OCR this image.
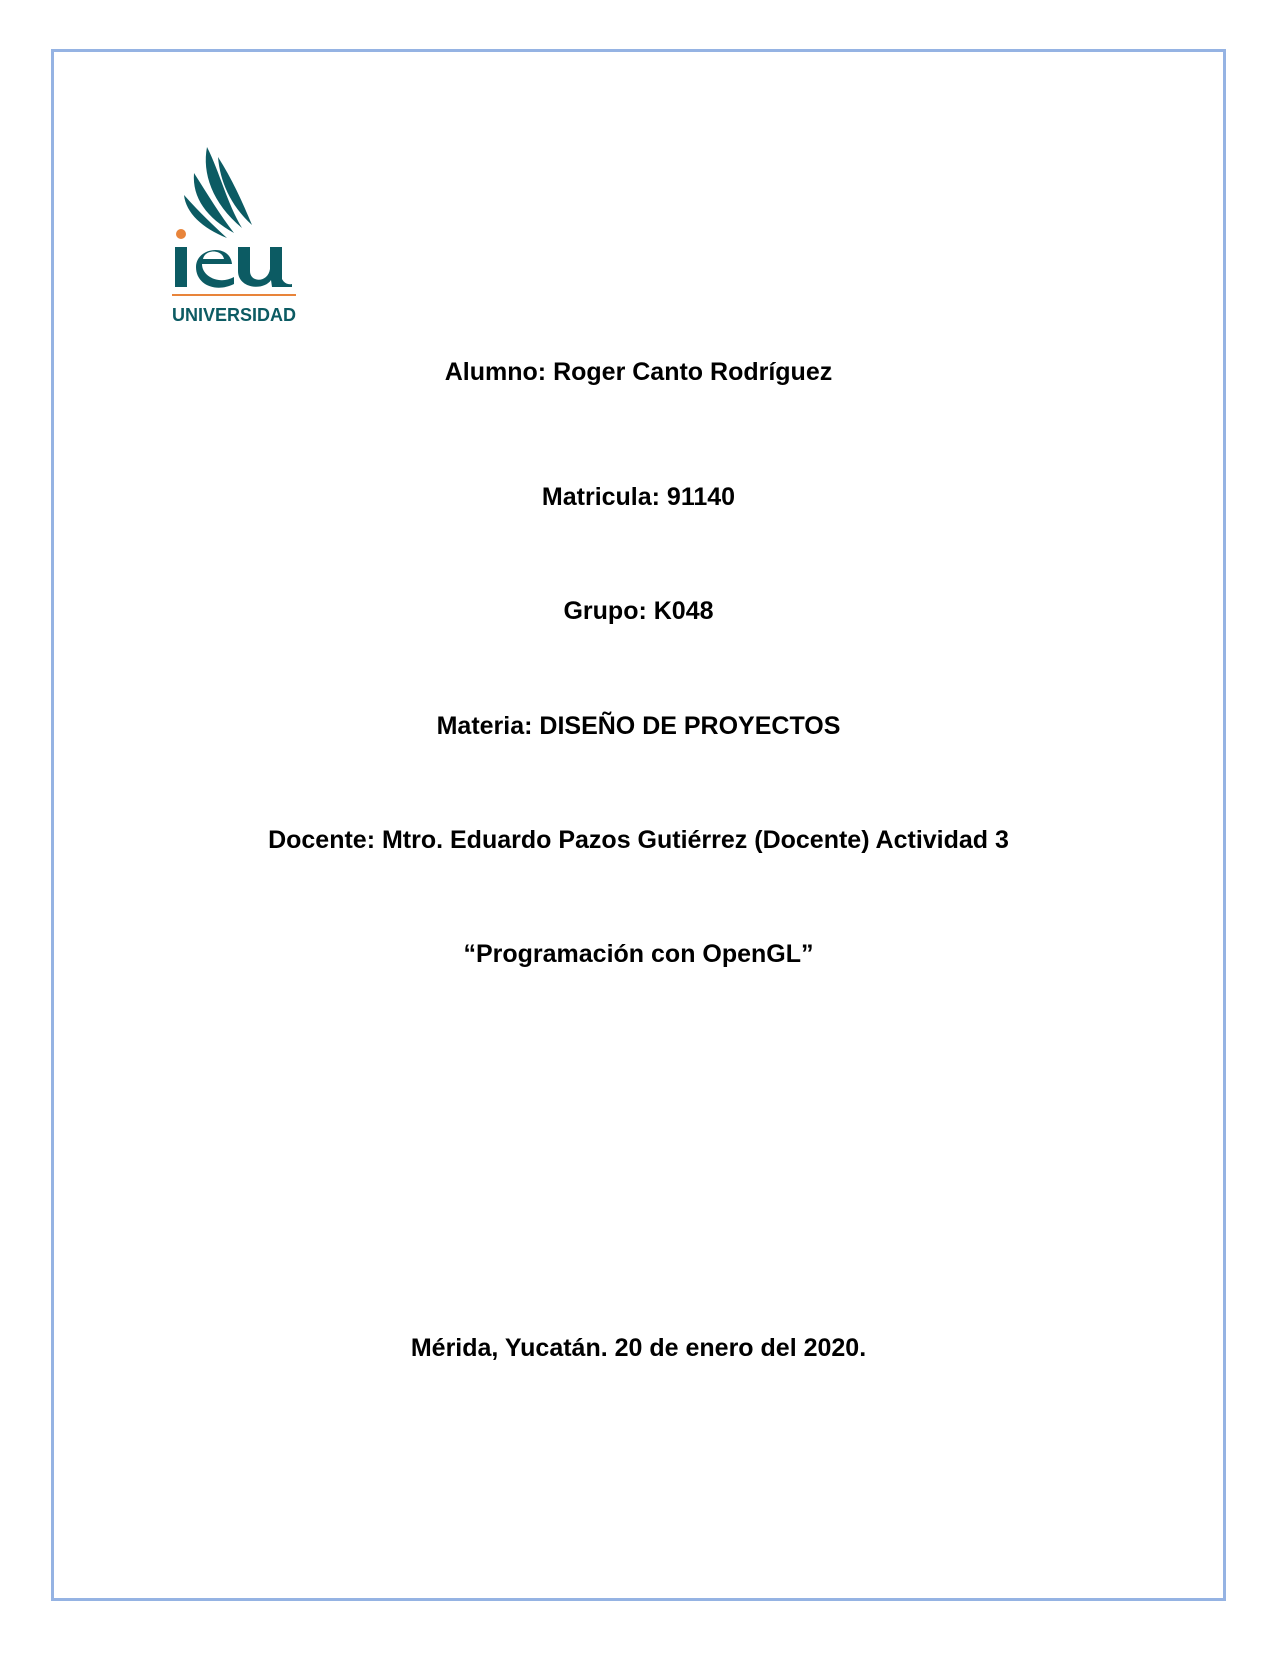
UNIVERSIDAD
Alumno: Roger Canto Rodríguez
Matricula: 91140
Grupo: K048
Materia: DISEÑO DE PROYECTOS
Docente: Mtro. Eduardo Pazos Gutiérrez (Docente) Actividad 3
“Programación con OpenGL”
Mérida, Yucatán. 20 de enero del 2020.
